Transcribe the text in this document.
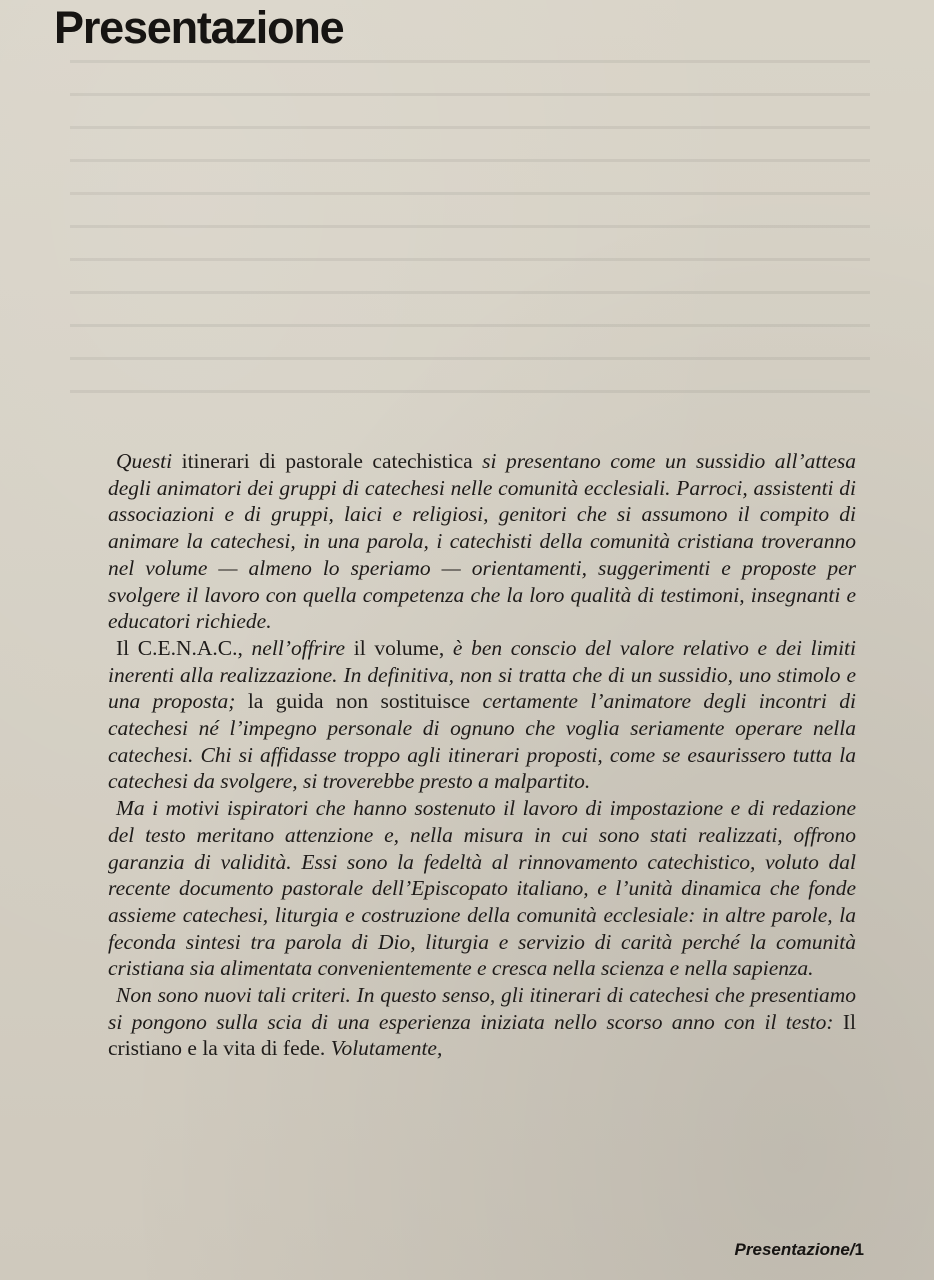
Presentazione

Questi itinerari di pastorale catechistica si presentano come un sussidio all’attesa degli animatori dei gruppi di catechesi nelle comunità ecclesiali. Parroci, assistenti di associazioni e di gruppi, laici e religiosi, genitori che si assumono il compito di animare la catechesi, in una parola, i catechisti della comunità cristiana troveranno nel volume — almeno lo speriamo — orientamenti, suggerimenti e proposte per svolgere il lavoro con quella competenza che la loro qualità di testimoni, insegnanti e educatori richiede.

Il C.E.N.A.C., nell’offrire il volume, è ben conscio del valore relativo e dei limiti inerenti alla realizzazione. In definitiva, non si tratta che di un sussidio, uno stimolo e una proposta; la guida non sostituisce certamente l’animatore degli incontri di catechesi né l’impegno personale di ognuno che voglia seriamente operare nella catechesi. Chi si affidasse troppo agli itinerari proposti, come se esaurissero tutta la catechesi da svolgere, si troverebbe presto a malpartito.

Ma i motivi ispiratori che hanno sostenuto il lavoro di impostazione e di redazione del testo meritano attenzione e, nella misura in cui sono stati realizzati, offrono garanzia di validità. Essi sono la fedeltà al rinnovamento catechistico, voluto dal recente documento pastorale dell’Episcopato italiano, e l’unità dinamica che fonde assieme catechesi, liturgia e costruzione della comunità ecclesiale: in altre parole, la feconda sintesi tra parola di Dio, liturgia e servizio di carità perché la comunità cristiana sia alimentata convenientemente e cresca nella scienza e nella sapienza.

Non sono nuovi tali criteri. In questo senso, gli itinerari di catechesi che presentiamo si pongono sulla scia di una esperienza iniziata nello scorso anno con il testo: Il cristiano e la vita di fede. Volutamente,

Presentazione/1
